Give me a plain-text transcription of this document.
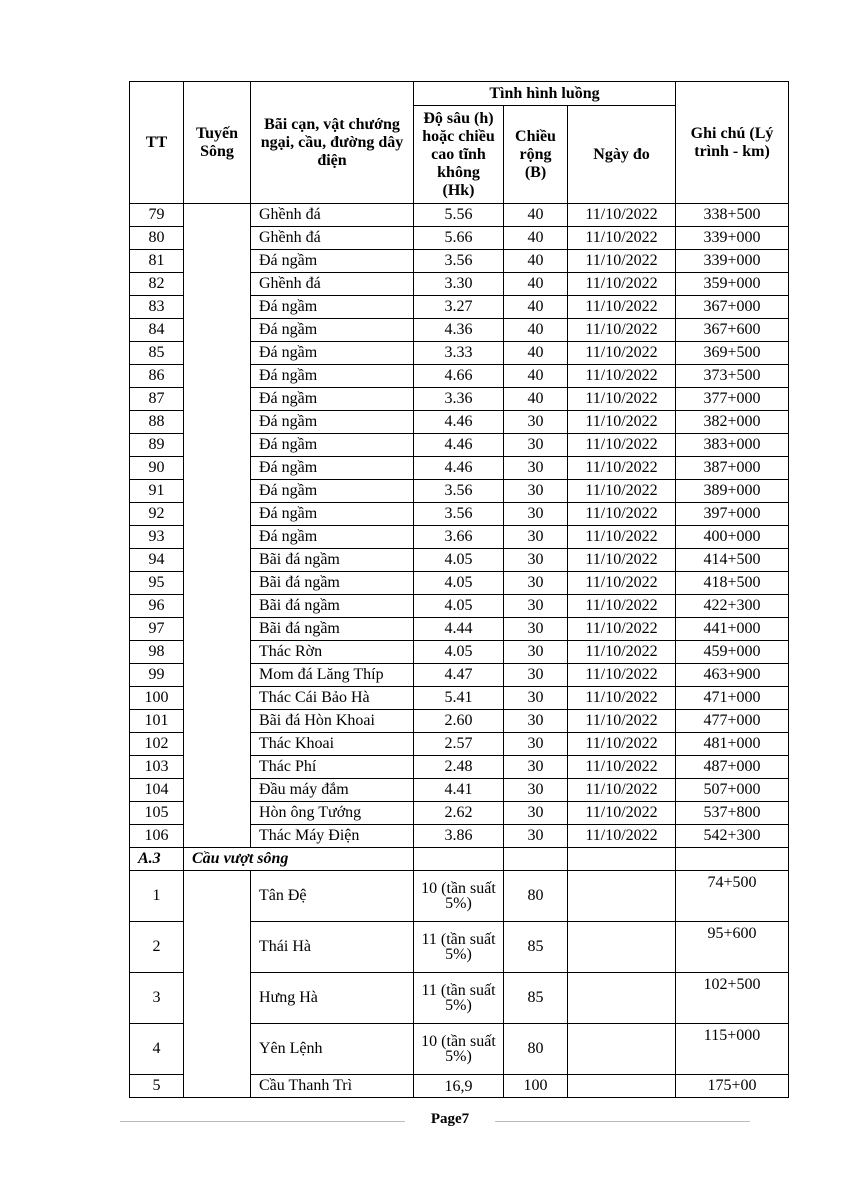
TT	Tuyến Sông	Bãi cạn, vật chướng ngại, cầu, đường dây điện	Tình hình luồng			Ghi chú (Lý trình - km)
			Độ sâu (h) hoặc chiều cao tĩnh không (Hk)	Chiều rộng (B)	Ngày đo	
79		Ghềnh đá	5.56	40	11/10/2022	338+500
80		Ghềnh đá	5.66	40	11/10/2022	339+000
81		Đá ngầm	3.56	40	11/10/2022	339+000
82		Ghềnh đá	3.30	40	11/10/2022	359+000
83		Đá ngầm	3.27	40	11/10/2022	367+000
84		Đá ngầm	4.36	40	11/10/2022	367+600
85		Đá ngầm	3.33	40	11/10/2022	369+500
86		Đá ngầm	4.66	40	11/10/2022	373+500
87		Đá ngầm	3.36	40	11/10/2022	377+000
88		Đá ngầm	4.46	30	11/10/2022	382+000
89		Đá ngầm	4.46	30	11/10/2022	383+000
90		Đá ngầm	4.46	30	11/10/2022	387+000
91		Đá ngầm	3.56	30	11/10/2022	389+000
92		Đá ngầm	3.56	30	11/10/2022	397+000
93		Đá ngầm	3.66	30	11/10/2022	400+000
94		Bãi đá ngầm	4.05	30	11/10/2022	414+500
95		Bãi đá ngầm	4.05	30	11/10/2022	418+500
96		Bãi đá ngầm	4.05	30	11/10/2022	422+300
97		Bãi đá ngầm	4.44	30	11/10/2022	441+000
98		Thác Rờn	4.05	30	11/10/2022	459+000
99		Mom đá Lăng Thíp	4.47	30	11/10/2022	463+900
100		Thác Cái Bảo Hà	5.41	30	11/10/2022	471+000
101		Bãi đá Hòn Khoai	2.60	30	11/10/2022	477+000
102		Thác Khoai	2.57	30	11/10/2022	481+000
103		Thác Phí	2.48	30	11/10/2022	487+000
104		Đầu máy đắm	4.41	30	11/10/2022	507+000
105		Hòn ông Tướng	2.62	30	11/10/2022	537+800
106		Thác Máy Điện	3.86	30	11/10/2022	542+300
A.3	Cầu vượt sông					
1		Tân Đệ	10 (tần suất 5%)	80		74+500
2		Thái Hà	11 (tần suất 5%)	85		95+600
3		Hưng Hà	11 (tần suất 5%)	85		102+500
4		Yên Lệnh	10 (tần suất 5%)	80		115+000
5		Cầu Thanh Trì	16,9	100		175+00
Page7
